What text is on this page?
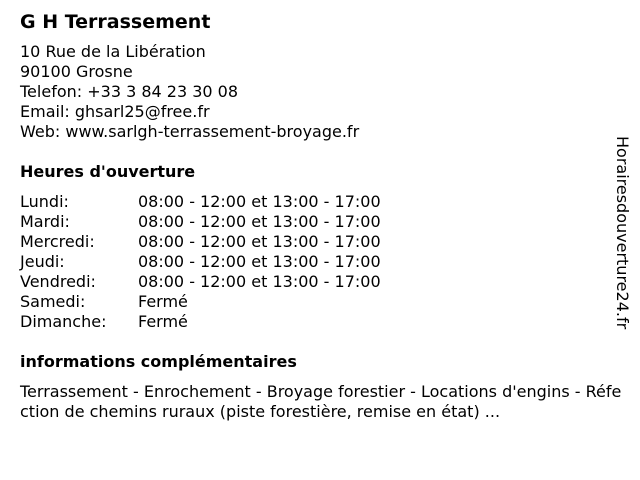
G H Terrassement
10 Rue de la Libération
90100 Grosne
Telefon: +33 3 84 23 30 08
Email: ghsarl25@free.fr
Web: www.sarlgh-terrassement-broyage.fr
Heures d'ouverture
Lundi:	08:00 - 12:00 et 13:00 - 17:00
Mardi:	08:00 - 12:00 et 13:00 - 17:00
Mercredi:	08:00 - 12:00 et 13:00 - 17:00
Jeudi:	08:00 - 12:00 et 13:00 - 17:00
Vendredi:	08:00 - 12:00 et 13:00 - 17:00
Samedi:	Fermé
Dimanche:	Fermé
informations complémentaires
Terrassement - Enrochement - Broyage forestier - Locations d'engins - Réfection de chemins ruraux (piste forestière, remise en état) ...
Horairesdouverture24.fr
